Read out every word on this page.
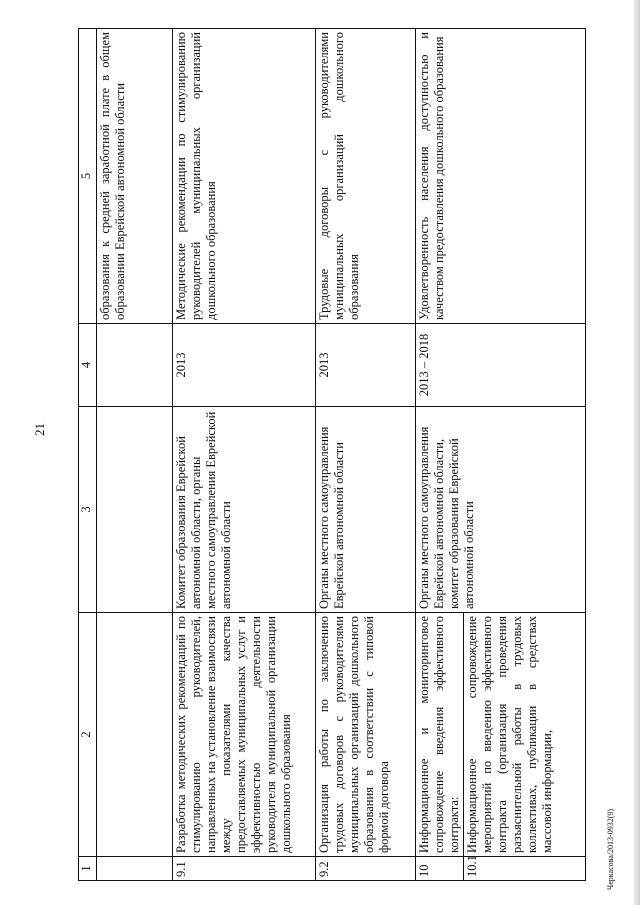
21
Черкасова/2013-0932(9)
1	2	3	4	5
				образования к средней заработной плате в общем образовании Еврейской автономной области
9.1	Разработка методических рекомендаций по стимулированию руководителей, направленных на установление взаимосвязи между показателями качества предоставляемых муниципальных услуг и эффективностью деятельности руководителя муниципальной организации дошкольного образования	Комитет образования Еврейской автономной области, органы местного самоуправления Еврейской автономной области	2013	Методические рекомендации по стимулированию руководителей муниципальных организаций дошкольного образования
9.2	Организация работы по заключению трудовых договоров с руководителями муниципальных организаций дошкольного образования в соответствии с типовой формой договора	Органы местного самоуправления Еврейской автономной области	2013	Трудовые договоры с руководителями муниципальных организаций дошкольного образования
10	Информационное и мониторинговое сопровождение введения эффективного контракта:	Органы местного самоуправления Еврейской автономной области, комитет образования Еврейской автономной области	2013 – 2018	Удовлетворенность населения доступностью и качеством предоставления дошкольного образования
10.1	Информационное сопровождение мероприятий по введению эффективного контракта (организация проведения разъяснительной работы в трудовых коллективах, публикации в средствах массовой информации,			
